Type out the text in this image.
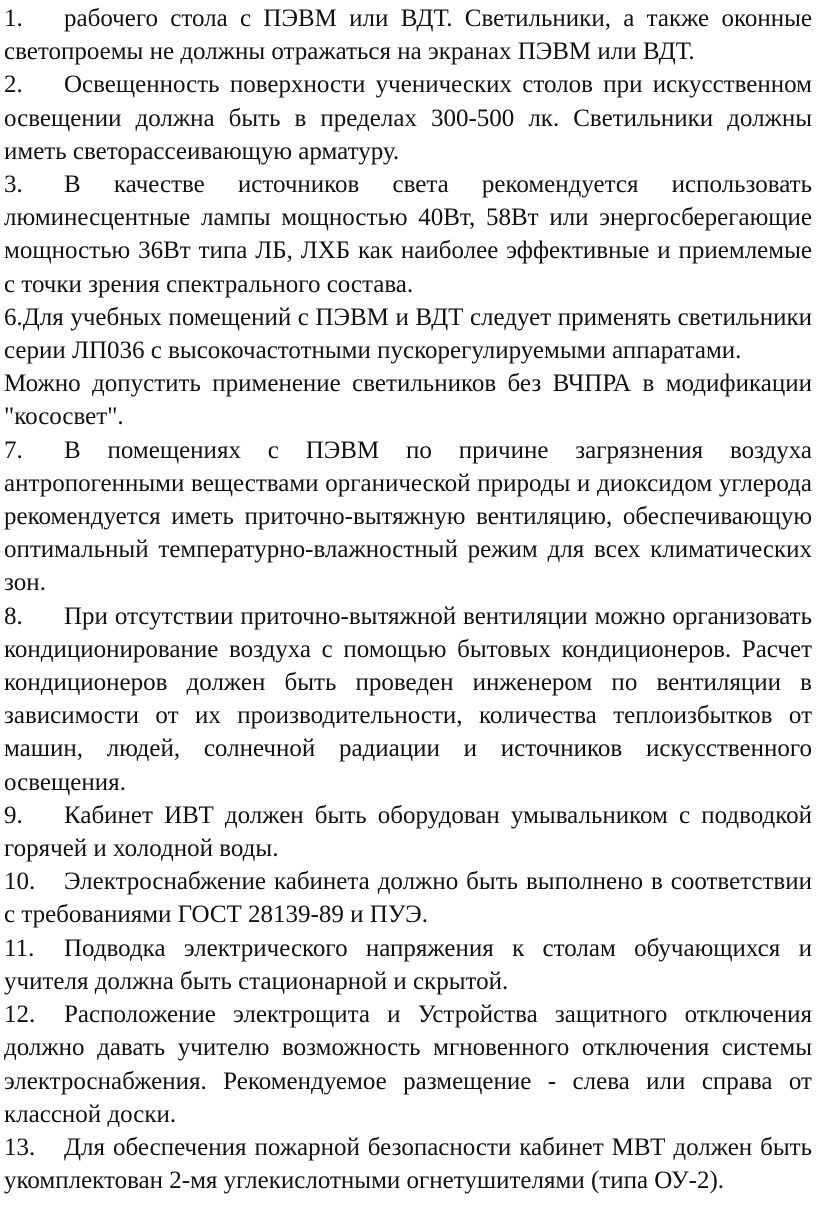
1. рабочего стола с ПЭВМ или ВДТ. Светильники, а также оконные светопроемы не должны отражаться на экранах ПЭВМ или ВДТ.

2. Освещенность поверхности ученических столов при искусственном освещении должна быть в пределах 300-500 лк. Светильники должны иметь светорассеивающую арматуру.

3. В качестве источников света рекомендуется использовать люминесцентные лампы мощностью 40Вт, 58Вт или энергосберегающие мощностью 36Вт типа ЛБ, ЛХБ как наиболее эффективные и приемлемые с точки зрения спектрального состава.

6.Для учебных помещений с ПЭВМ и ВДТ следует применять светильники серии ЛП036 с высокочастотными пускорегулируемыми аппаратами.

Можно допустить применение светильников без ВЧПРА в модификации "кососвет".

7. В помещениях с ПЭВМ по причине загрязнения воздуха антропогенными веществами органической природы и диоксидом углерода рекомендуется иметь приточно-вытяжную вентиляцию, обеспечивающую оптимальный температурно-влажностный режим для всех климатических зон.

8. При отсутствии приточно-вытяжной вентиляции можно организовать кондиционирование воздуха с помощью бытовых кондиционеров. Расчет кондиционеров должен быть проведен инженером по вентиляции в зависимости от их производительности, количества теплоизбытков от машин, людей, солнечной радиации и источников искусственного освещения.

9. Кабинет ИВТ должен быть оборудован умывальником с подводкой горячей и холодной воды.

10. Электроснабжение кабинета должно быть выполнено в соответствии с требованиями ГОСТ 28139-89 и ПУЭ.

11. Подводка электрического напряжения к столам обучающихся и учителя должна быть стационарной и скрытой.

12. Расположение электрощита и Устройства защитного отключения должно давать учителю возможность мгновенного отключения системы электроснабжения. Рекомендуемое размещение - слева или справа от классной доски.

13. Для обеспечения пожарной безопасности кабинет МВТ должен быть укомплектован 2-мя углекислотными огнетушителями (типа ОУ-2).
